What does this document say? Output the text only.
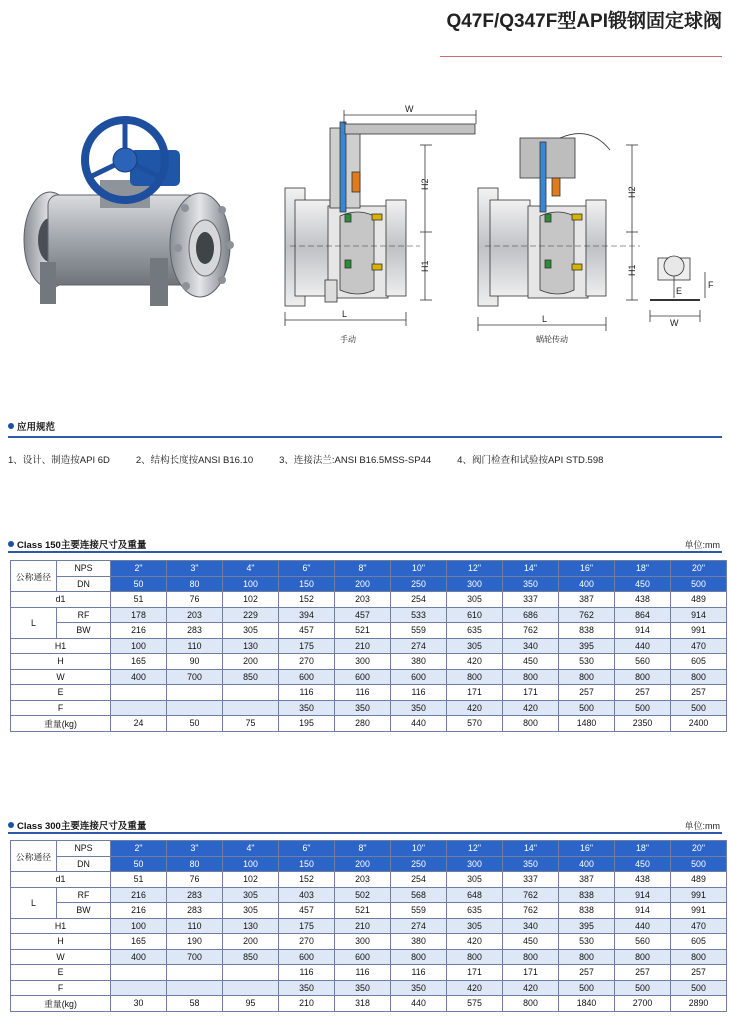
Q47F/Q347F型API锻钢固定球阀
W
H2
H1
L
手动
H2
H1
L	W
E
F
蜗轮传动
应用规范
1、设计、制造按API 6D	2、结构长度按ANSI B16.10	3、连接法兰:ANSI B16.5MSS-SP44	4、阀门检查和试验按API STD.598
Class 150主要连接尺寸及重量	单位:mm
公称通径	NPS	2"	3"	4"	6"	8"	10"	12"	14"	16"	18"	20"
	DN	50	80	100	150	200	250	300	350	400	450	500
d1		51	76	102	152	203	254	305	337	387	438	489
L	RF	178	203	229	394	457	533	610	686	762	864	914
	BW	216	283	305	457	521	559	635	762	838	914	991
H1		100	110	130	175	210	274	305	340	395	440	470
H		165	90	200	270	300	380	420	450	530	560	605
W		400	700	850	600	600	600	800	800	800	800	800
E					116	116	116	171	171	257	257	257
F					350	350	350	420	420	500	500	500
重量(kg)		24	50	75	195	280	440	570	800	1480	2350	2400
Class 300主要连接尺寸及重量	单位:mm
公称通径	NPS	2"	3"	4"	6"	8"	10"	12"	14"	16"	18"	20"
	DN	50	80	100	150	200	250	300	350	400	450	500
d1		51	76	102	152	203	254	305	337	387	438	489
L	RF	216	283	305	403	502	568	648	762	838	914	991
	BW	216	283	305	457	521	559	635	762	838	914	991
H1		100	110	130	175	210	274	305	340	395	440	470
H		165	190	200	270	300	380	420	450	530	560	605
W		400	700	850	600	600	800	800	800	800	800	800
E					116	116	116	171	171	257	257	257
F					350	350	350	420	420	500	500	500
重量(kg)		30	58	95	210	318	440	575	800	1840	2700	2890
